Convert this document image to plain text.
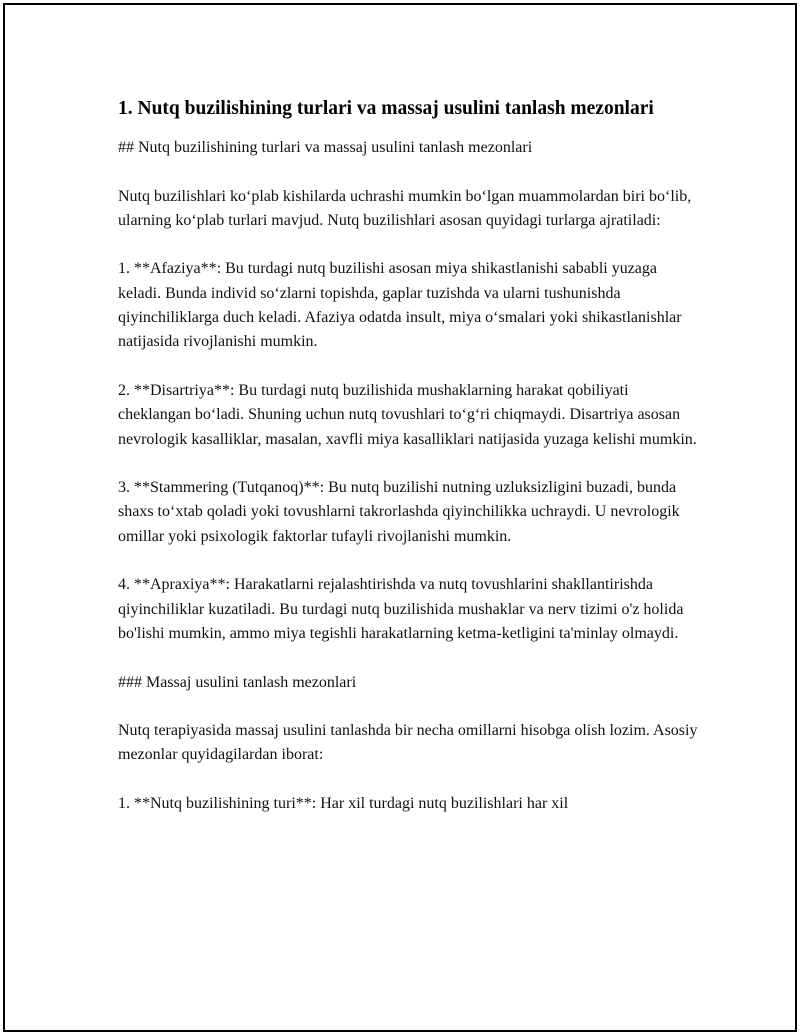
1. Nutq buzilishining turlari va massaj usulini tanlash mezonlari

## Nutq buzilishining turlari va massaj usulini tanlash mezonlari

Nutq buzilishlari koʻplab kishilarda uchrashi mumkin boʻlgan muammolardan biri boʻlib, ularning koʻplab turlari mavjud. Nutq buzilishlari asosan quyidagi turlarga ajratiladi:

1. **Afaziya**: Bu turdagi nutq buzilishi asosan miya shikastlanishi sababli yuzaga keladi. Bunda individ soʻzlarni topishda, gaplar tuzishda va ularni tushunishda qiyinchiliklarga duch keladi. Afaziya odatda insult, miya oʻsmalari yoki shikastlanishlar natijasida rivojlanishi mumkin.

2. **Disartriya**: Bu turdagi nutq buzilishida mushaklarning harakat qobiliyati cheklangan boʻladi. Shuning uchun nutq tovushlari toʻgʻri chiqmaydi. Disartriya asosan nevrologik kasalliklar, masalan, xavfli miya kasalliklari natijasida yuzaga kelishi mumkin.

3. **Stammering (Tutqanoq)**: Bu nutq buzilishi nutning uzluksizligini buzadi, bunda shaxs toʻxtab qoladi yoki tovushlarni takrorlashda qiyinchilikka uchraydi. U nevrologik omillar yoki psixologik faktorlar tufayli rivojlanishi mumkin.

4. **Apraxiya**: Harakatlarni rejalashtirishda va nutq tovushlarini shakllantirishda qiyinchiliklar kuzatiladi. Bu turdagi nutq buzilishida mushaklar va nerv tizimi o'z holida bo'lishi mumkin, ammo miya tegishli harakatlarning ketma-ketligini ta'minlay olmaydi.

### Massaj usulini tanlash mezonlari

Nutq terapiyasida massaj usulini tanlashda bir necha omillarni hisobga olish lozim. Asosiy mezonlar quyidagilardan iborat:

1. **Nutq buzilishining turi**: Har xil turdagi nutq buzilishlari har xil
